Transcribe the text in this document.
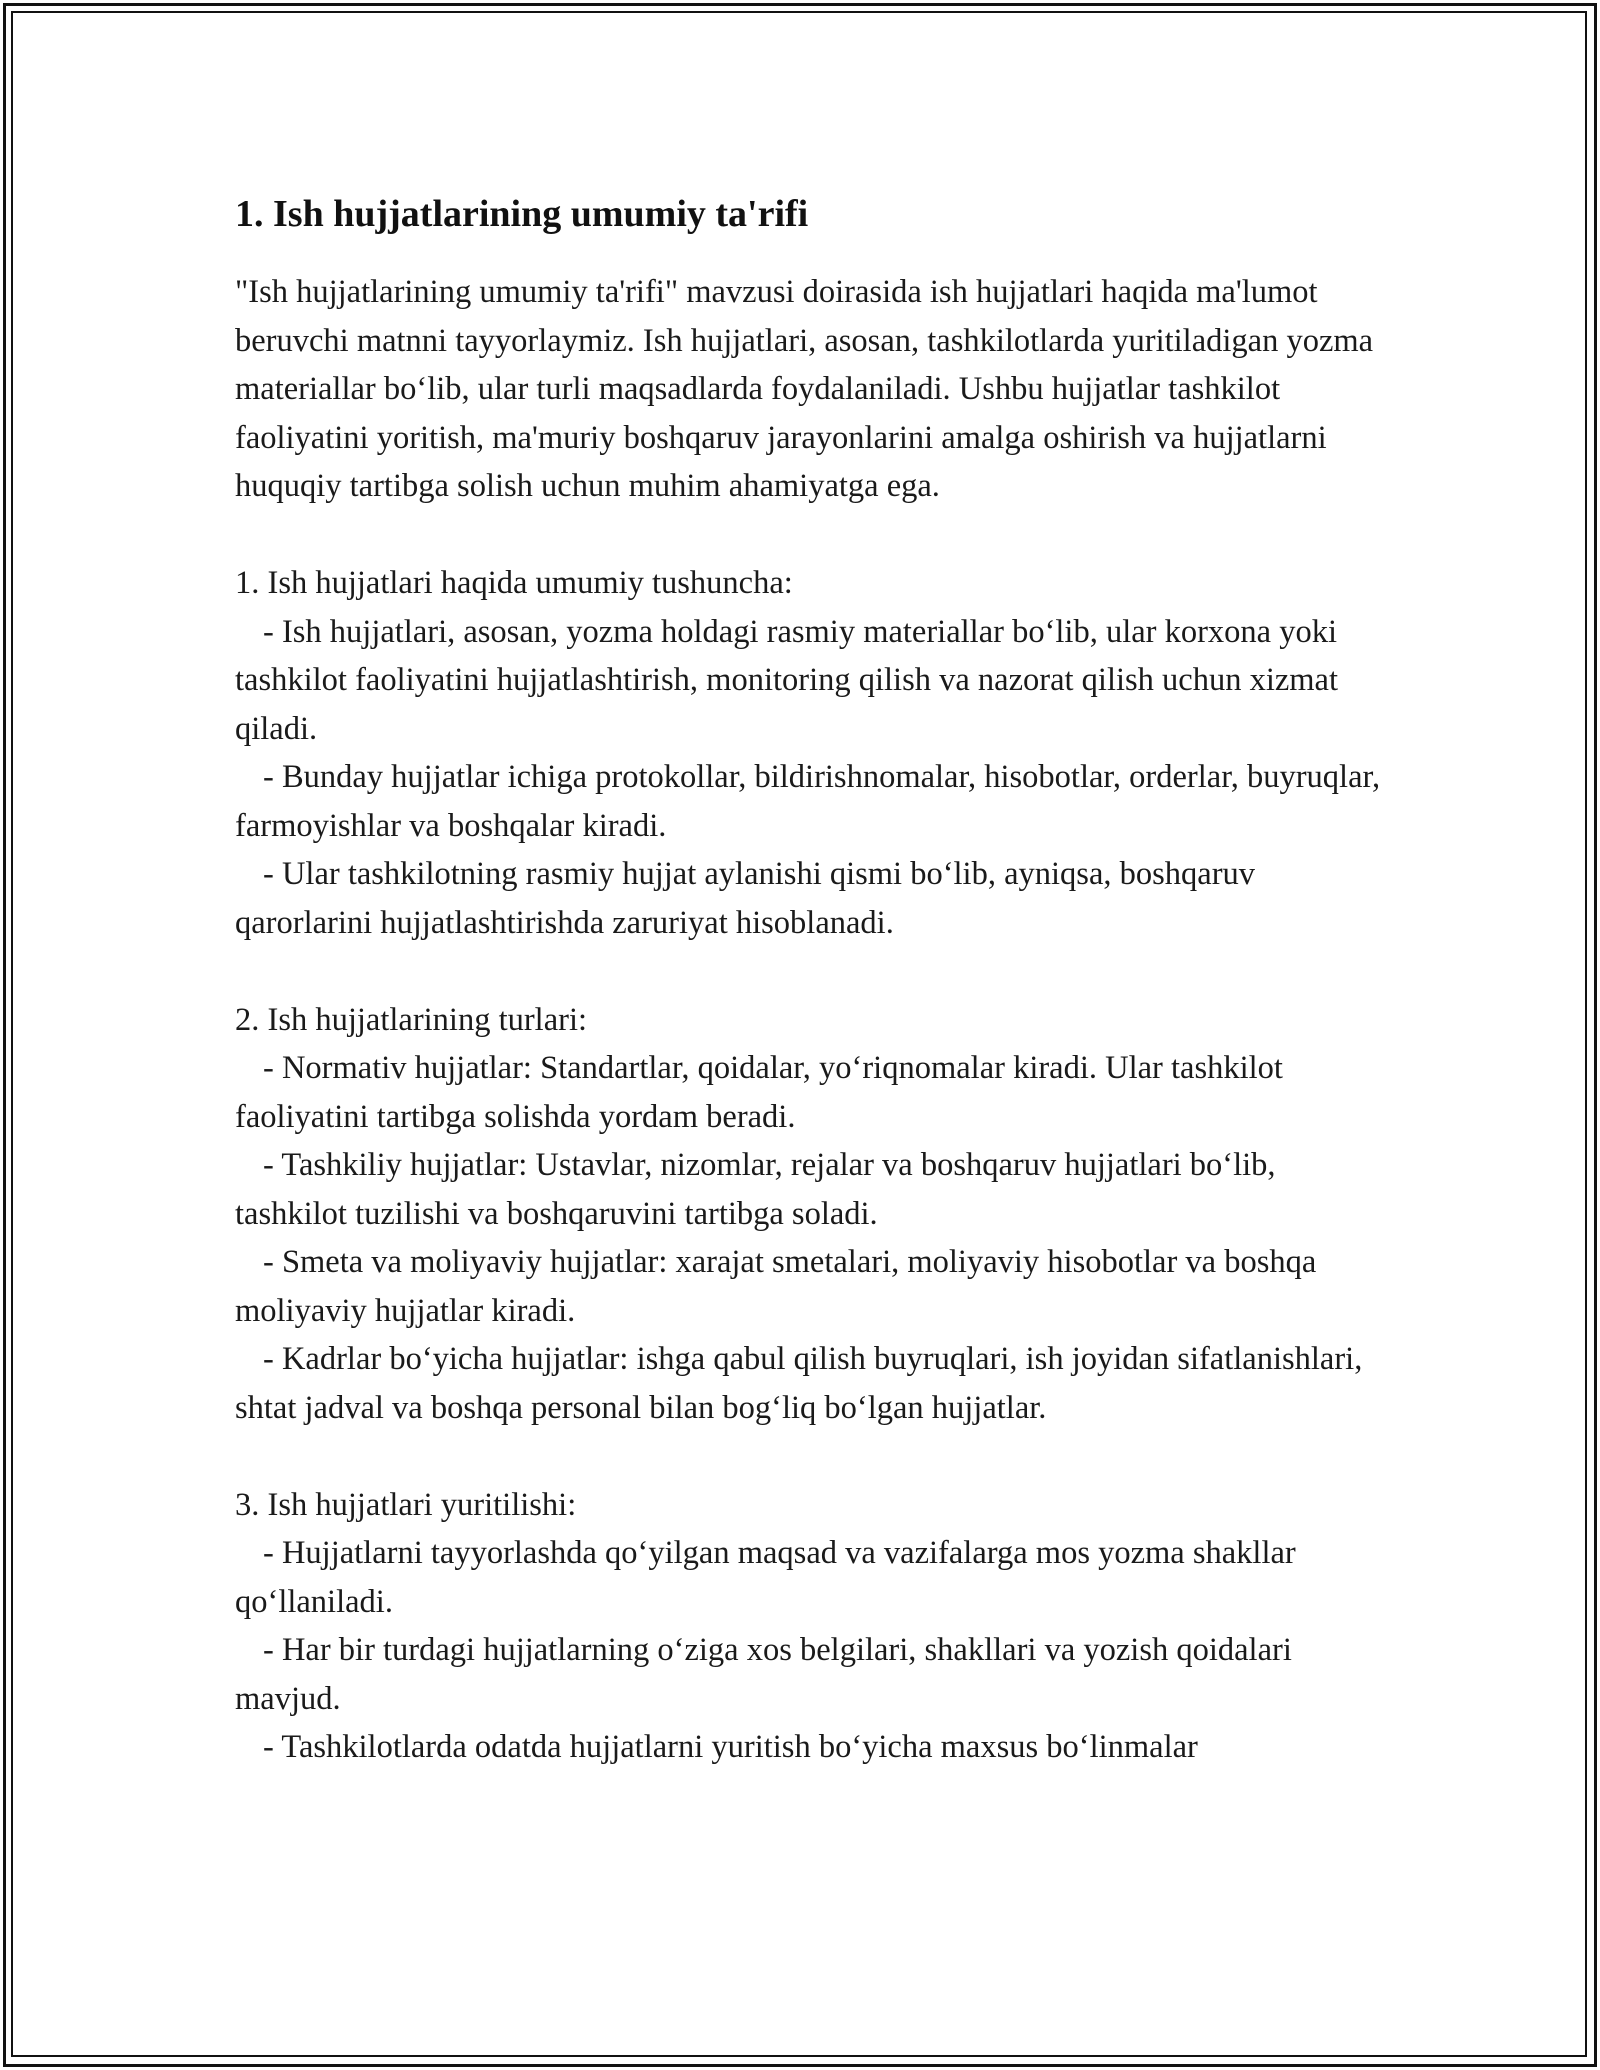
1. Ish hujjatlarining umumiy ta'rifi

"Ish hujjatlarining umumiy ta'rifi" mavzusi doirasida ish hujjatlari haqida ma'lumot beruvchi matnni tayyorlaymiz. Ish hujjatlari, asosan, tashkilotlarda yuritiladigan yozma materiallar bo‘lib, ular turli maqsadlarda foydalaniladi. Ushbu hujjatlar tashkilot faoliyatini yoritish, ma'muriy boshqaruv jarayonlarini amalga oshirish va hujjatlarni huquqiy tartibga solish uchun muhim ahamiyatga ega.

1. Ish hujjatlari haqida umumiy tushuncha:

- Ish hujjatlari, asosan, yozma holdagi rasmiy materiallar bo‘lib, ular korxona yoki tashkilot faoliyatini hujjatlashtirish, monitoring qilish va nazorat qilish uchun xizmat qiladi.

- Bunday hujjatlar ichiga protokollar, bildirishnomalar, hisobotlar, orderlar, buyruqlar, farmoyishlar va boshqalar kiradi.

- Ular tashkilotning rasmiy hujjat aylanishi qismi bo‘lib, ayniqsa, boshqaruv qarorlarini hujjatlashtirishda zaruriyat hisoblanadi.

2. Ish hujjatlarining turlari:

- Normativ hujjatlar: Standartlar, qoidalar, yo‘riqnomalar kiradi. Ular tashkilot faoliyatini tartibga solishda yordam beradi.

- Tashkiliy hujjatlar: Ustavlar, nizomlar, rejalar va boshqaruv hujjatlari bo‘lib, tashkilot tuzilishi va boshqaruvini tartibga soladi.

- Smeta va moliyaviy hujjatlar: xarajat smetalari, moliyaviy hisobotlar va boshqa moliyaviy hujjatlar kiradi.

- Kadrlar bo‘yicha hujjatlar: ishga qabul qilish buyruqlari, ish joyidan sifatlanishlari, shtat jadval va boshqa personal bilan bog‘liq bo‘lgan hujjatlar.

3. Ish hujjatlari yuritilishi:

- Hujjatlarni tayyorlashda qo‘yilgan maqsad va vazifalarga mos yozma shakllar qo‘llaniladi.

- Har bir turdagi hujjatlarning o‘ziga xos belgilari, shakllari va yozish qoidalari mavjud.

- Tashkilotlarda odatda hujjatlarni yuritish bo‘yicha maxsus bo‘linmalar
